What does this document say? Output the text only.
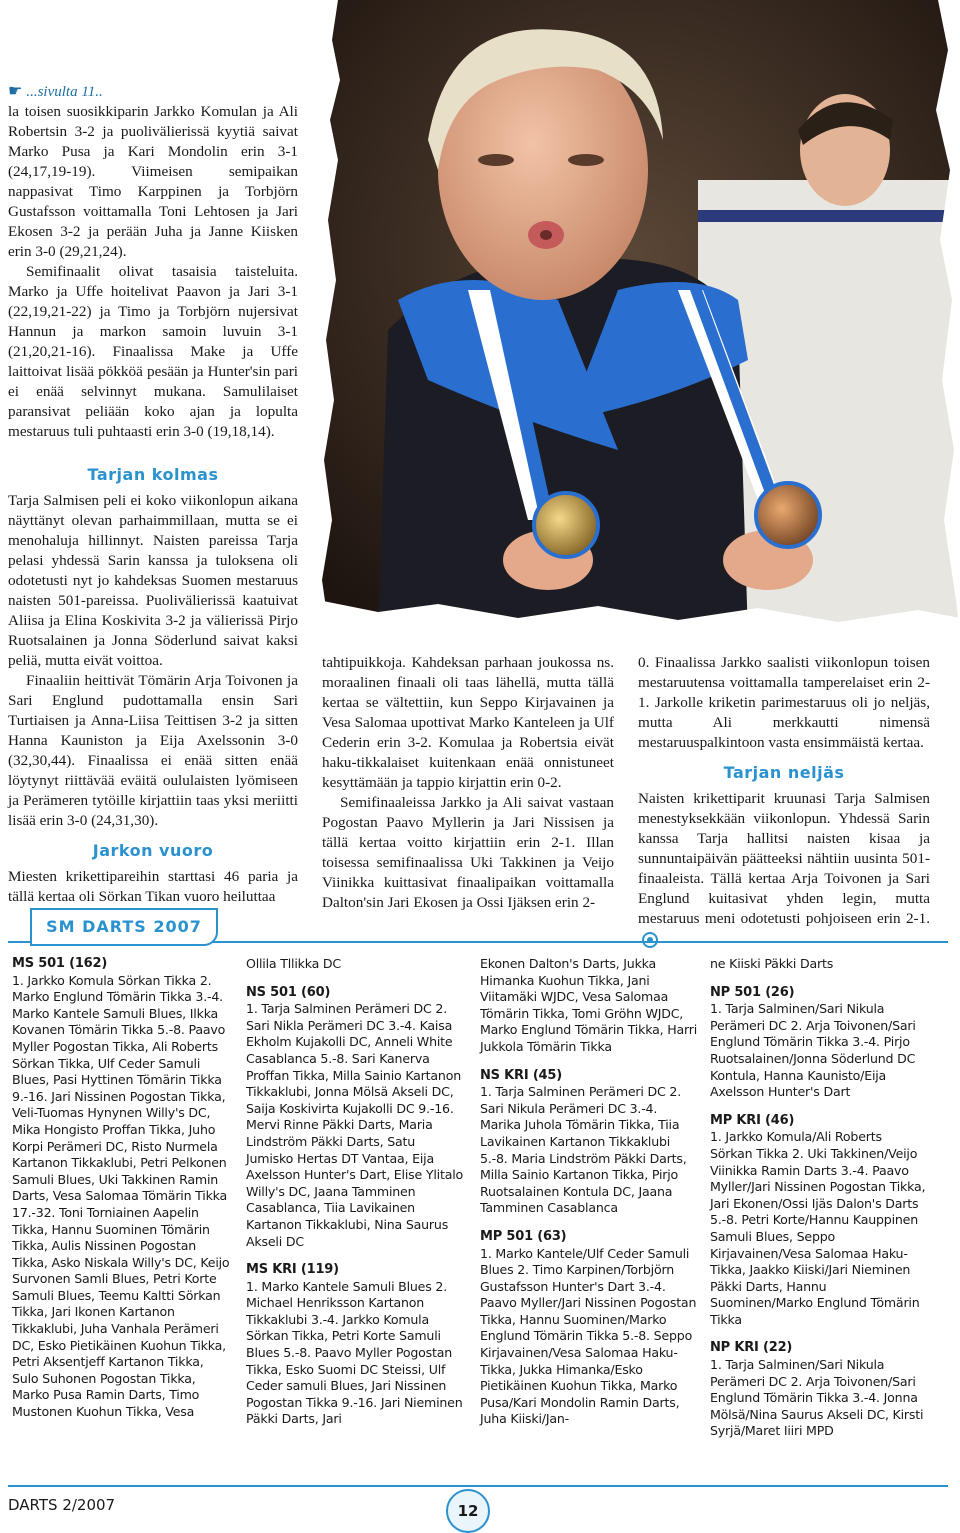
☛ ...sivulta 11..

la toisen suosikkiparin Jarkko Komulan ja Ali Robertsin 3-2 ja puolivälierissä kyytiä saivat Marko Pusa ja Kari Mondolin erin 3-1 (24,17,19-19). Viimeisen semipaikan nappasivat Timo Karppinen ja Torbjörn Gustafsson voittamalla Toni Lehtosen ja Jari Ekosen 3-2 ja perään Juha ja Janne Kiisken erin 3-0 (29,21,24).

Semifinaalit olivat tasaisia taisteluita. Marko ja Uffe hoitelivat Paavon ja Jari 3-1 (22,19,21-22) ja Timo ja Torbjörn nujersivat Hannun ja markon samoin luvuin 3-1 (21,20,21-16). Finaalissa Make ja Uffe laittoivat lisää pökköä pesään ja Hunter'sin pari ei enää selvinnyt mukana. Samulilaiset paransivat peliään koko ajan ja lopulta mestaruus tuli puhtaasti erin 3-0 (19,18,14).

Tarjan kolmas

Tarja Salmisen peli ei koko viikonlopun aikana näyttänyt olevan parhaimmillaan, mutta se ei menohaluja hillinnyt. Naisten pareissa Tarja pelasi yhdessä Sarin kanssa ja tuloksena oli odotetusti nyt jo kahdeksas Suomen mestaruus naisten 501-pareissa. Puolivälierissä kaatuivat Aliisa ja Elina Koskivita 3-2 ja välierissä Pirjo Ruotsalainen ja Jonna Söderlund saivat kaksi peliä, mutta eivät voittoa.

Finaaliin heittivät Tömärin Arja Toivonen ja Sari Englund pudottamalla ensin Sari Turtiaisen ja Anna-Liisa Teittisen 3-2 ja sitten Hanna Kauniston ja Eija Axelssonin 3-0 (32,30,44). Finaalissa ei enää sitten enää löytynyt riittävää eväitä oululaisten lyömiseen ja Perämeren tytöille kirjattiin taas yksi meriitti lisää erin 3-0 (24,31,30).

Jarkon vuoro

Miesten krikettipareihin starttasi 46 paria ja tällä kertaa oli Sörkan Tikan vuoro heiluttaa

tahtipuikkoja. Kahdeksan parhaan joukossa ns. moraalinen finaali oli taas lähellä, mutta tällä kertaa se vältettiin, kun Seppo Kirjavainen ja Vesa Salomaa upottivat Marko Kanteleen ja Ulf Cederin erin 3-2. Komulaa ja Robertsia eivät haku-tikkalaiset kuitenkaan enää onnistuneet kesyttämään ja tappio kirjattin erin 0-2.

Semifinaaleissa Jarkko ja Ali saivat vastaan Pogostan Paavo Myllerin ja Jari Nissisen ja tällä kertaa voitto kirjattiin erin 2-1. Illan toisessa semifinaalissa Uki Takkinen ja Veijo Viinikka kuittasivat finaalipaikan voittamalla Dalton'sin Jari Ekosen ja Ossi Ijäksen erin 2-

0. Finaalissa Jarkko saalisti viikonlopun toisen mestaruutensa voittamalla tamperelaiset erin 2-1. Jarkolle kriketin parimestaruus oli jo neljäs, mutta Ali merkkautti nimensä mestaruuspalkintoon vasta ensimmäistä kertaa.

Tarjan neljäs

Naisten krikettiparit kruunasi Tarja Salmisen menestyksekkään viikonlopun. Yhdessä Sarin kanssa Tarja hallitsi naisten kisaa ja sunnuntaipäivän päätteeksi nähtiin uusinta 501-finaaleista. Tällä kertaa Arja Toivonen ja Sari Englund kuitasivat yhden legin, mutta mestaruus meni odotetusti pohjoiseen erin 2-1.

SM DARTS 2007
MS 501 (162)

1. Jarkko Komula Sörkan Tikka 2. Marko Englund Tömärin Tikka 3.-4. Marko Kantele Samuli Blues, Ilkka Kovanen Tömärin Tikka 5.-8. Paavo Myller Pogostan Tikka, Ali Roberts Sörkan Tikka, Ulf Ceder Samuli Blues, Pasi Hyttinen Tömärin Tikka 9.-16. Jari Nissinen Pogostan Tikka, Veli-Tuomas Hynynen Willy's DC, Mika Hongisto Proffan Tikka, Juho Korpi Perämeri DC, Risto Nurmela Kartanon Tikkaklubi, Petri Pelkonen Samuli Blues, Uki Takkinen Ramin Darts, Vesa Salomaa Tömärin Tikka 17.-32. Toni Torniainen Aapelin Tikka, Hannu Suominen Tömärin Tikka, Aulis Nissinen Pogostan Tikka, Asko Niskala Willy's DC, Keijo Survonen Samli Blues, Petri Korte Samuli Blues, Teemu Kaltti Sörkan Tikka, Jari Ikonen Kartanon Tikkaklubi, Juha Vanhala Perämeri DC, Esko Pietikäinen Kuohun Tikka, Petri Aksentjeff Kartanon Tikka, Sulo Suhonen Pogostan Tikka, Marko Pusa Ramin Darts, Timo Mustonen Kuohun Tikka, Vesa

Ollila Tllikka DC

NS 501 (60)

1. Tarja Salminen Perämeri DC 2. Sari Nikla Perämeri DC 3.-4. Kaisa Ekholm Kujakolli DC, Anneli White Casablanca 5.-8. Sari Kanerva Proffan Tikka, Milla Sainio Kartanon Tikkaklubi, Jonna Mölsä Akseli DC, Saija Koskivirta Kujakolli DC 9.-16. Mervi Rinne Päkki Darts, Maria Lindström Päkki Darts, Satu Jumisko Hertas DT Vantaa, Eija Axelsson Hunter's Dart, Elise Ylitalo Willy's DC, Jaana Tamminen Casablanca, Tiia Lavikainen Kartanon Tikkaklubi, Nina Saurus Akseli DC

MS KRI (119)

1. Marko Kantele Samuli Blues 2. Michael Henriksson Kartanon Tikkaklubi 3.-4. Jarkko Komula Sörkan Tikka, Petri Korte Samuli Blues 5.-8. Paavo Myller Pogostan Tikka, Esko Suomi DC Steissi, Ulf Ceder samuli Blues, Jari Nissinen Pogostan Tikka 9.-16. Jari Nieminen Päkki Darts, Jari

Ekonen Dalton's Darts, Jukka Himanka Kuohun Tikka, Jani Viitamäki WJDC, Vesa Salomaa Tömärin Tikka, Tomi Gröhn WJDC, Marko Englund Tömärin Tikka, Harri Jukkola Tömärin Tikka

NS KRI (45)

1. Tarja Salminen Perämeri DC 2. Sari Nikula Perämeri DC 3.-4. Marika Juhola Tömärin Tikka, Tiia Lavikainen Kartanon Tikkaklubi 5.-8. Maria Lindström Päkki Darts, Milla Sainio Kartanon Tikka, Pirjo Ruotsalainen Kontula DC, Jaana Tamminen Casablanca

MP 501 (63)

1. Marko Kantele/Ulf Ceder Samuli Blues 2. Timo Karpinen/Torbjörn Gustafsson Hunter's Dart 3.-4. Paavo Myller/Jari Nissinen Pogostan Tikka, Hannu Suominen/Marko Englund Tömärin Tikka 5.-8. Seppo Kirjavainen/Vesa Salomaa Haku-Tikka, Jukka Himanka/Esko Pietikäinen Kuohun Tikka, Marko Pusa/Kari Mondolin Ramin Darts, Juha Kiiski/Jan-

ne Kiiski Päkki Darts

NP 501 (26)

1. Tarja Salminen/Sari Nikula Perämeri DC 2. Arja Toivonen/Sari Englund Tömärin Tikka 3.-4. Pirjo Ruotsalainen/Jonna Söderlund DC Kontula, Hanna Kaunisto/Eija Axelsson Hunter's Dart

MP KRI (46)

1. Jarkko Komula/Ali Roberts Sörkan Tikka 2. Uki Takkinen/Veijo Viinikka Ramin Darts 3.-4. Paavo Myller/Jari Nissinen Pogostan Tikka, Jari Ekonen/Ossi Ijäs Dalon's Darts 5.-8. Petri Korte/Hannu Kauppinen Samuli Blues, Seppo Kirjavainen/Vesa Salomaa Haku-Tikka, Jaakko Kiiski/Jari Nieminen Päkki Darts, Hannu Suominen/Marko Englund Tömärin Tikka

NP KRI (22)

1. Tarja Salminen/Sari Nikula Perämeri DC 2. Arja Toivonen/Sari Englund Tömärin Tikka 3.-4. Jonna Mölsä/Nina Saurus Akseli DC, Kirsti Syrjä/Maret Iiiri MPD

DARTS 2/2007	12
